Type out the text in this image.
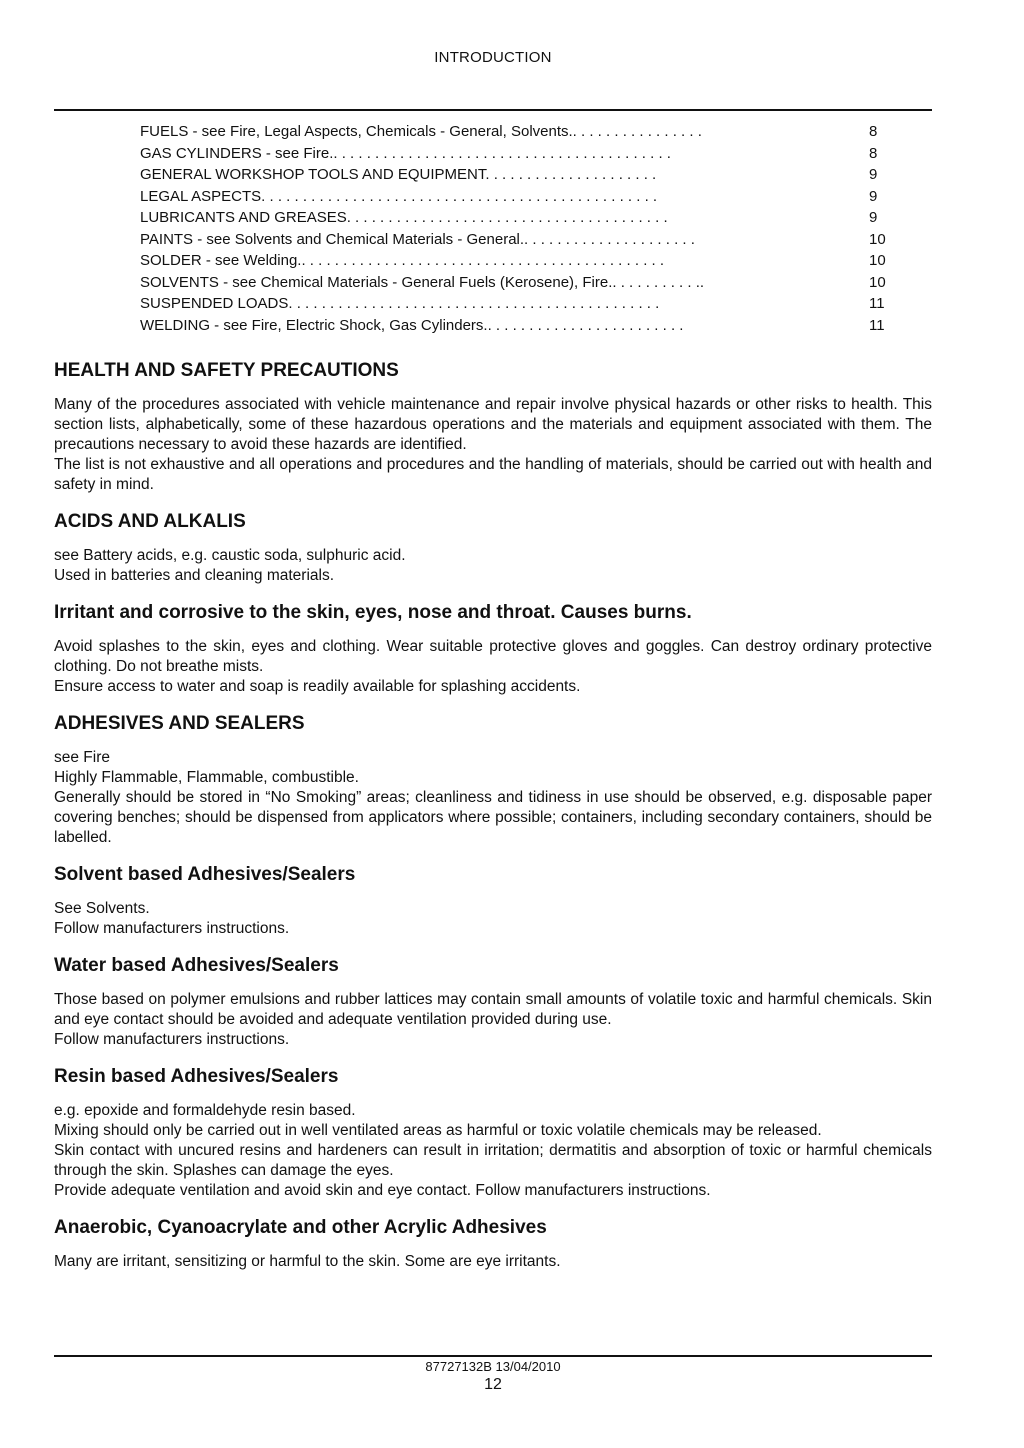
INTRODUCTION
FUELS - see Fire, Legal Aspects, Chemicals - General, Solvents.. . . . . . . . . . . . . . . .	8
GAS CYLINDERS - see Fire.. . . . . . . . . . . . . . . . . . . . . . . . . . . . . . . . . . . . . . . . .	8
GENERAL WORKSHOP TOOLS AND EQUIPMENT. . . . . . . . . . . . . . . . . . . . .	9
LEGAL ASPECTS. . . . . . . . . . . . . . . . . . . . . . . . . . . . . . . . . . . . . . . . . . . . . . . .	9
LUBRICANTS AND GREASES. . . . . . . . . . . . . . . . . . . . . . . . . . . . . . . . . . . . . . .	9
PAINTS - see Solvents and Chemical Materials - General.. . . . . . . . . . . . . . . . . . . . .	10
SOLDER - see Welding.. . . . . . . . . . . . . . . . . . . . . . . . . . . . . . . . . . . . . . . . . . . .	10
SOLVENTS - see Chemical Materials - General Fuels (Kerosene), Fire.. . . . . . . . . . ..	10
SUSPENDED LOADS. . . . . . . . . . . . . . . . . . . . . . . . . . . . . . . . . . . . . . . . . . . . .	11
WELDING - see Fire, Electric Shock, Gas Cylinders.. . . . . . . . . . . . . . . . . . . . . . . .	11
HEALTH AND SAFETY PRECAUTIONS

Many of the procedures associated with vehicle maintenance and repair involve physical hazards or other risks to health. This section lists, alphabetically, some of these hazardous operations and the materials and equipment associated with them. The precautions necessary to avoid these hazards are identified.

The list is not exhaustive and all operations and procedures and the handling of materials, should be carried out with health and safety in mind.

ACIDS AND ALKALIS

see Battery acids, e.g. caustic soda, sulphuric acid.

Used in batteries and cleaning materials.

Irritant and corrosive to the skin, eyes, nose and throat. Causes burns.

Avoid splashes to the skin, eyes and clothing. Wear suitable protective gloves and goggles. Can destroy ordinary protective clothing. Do not breathe mists.

Ensure access to water and soap is readily available for splashing accidents.

ADHESIVES AND SEALERS

see Fire

Highly Flammable, Flammable, combustible.

Generally should be stored in “No Smoking” areas; cleanliness and tidiness in use should be observed, e.g. disposable paper covering benches; should be dispensed from applicators where possible; containers, including secondary containers, should be labelled.

Solvent based Adhesives/Sealers

See Solvents.

Follow manufacturers instructions.

Water based Adhesives/Sealers

Those based on polymer emulsions and rubber lattices may contain small amounts of volatile toxic and harmful chemicals. Skin and eye contact should be avoided and adequate ventilation provided during use.

Follow manufacturers instructions.

Resin based Adhesives/Sealers

e.g. epoxide and formaldehyde resin based.

Mixing should only be carried out in well ventilated areas as harmful or toxic volatile chemicals may be released.

Skin contact with uncured resins and hardeners can result in irritation; dermatitis and absorption of toxic or harmful chemicals through the skin. Splashes can damage the eyes.

Provide adequate ventilation and avoid skin and eye contact. Follow manufacturers instructions.

Anaerobic, Cyanoacrylate and other Acrylic Adhesives

Many are irritant, sensitizing or harmful to the skin. Some are eye irritants.

87727132B 13/04/2010
12
